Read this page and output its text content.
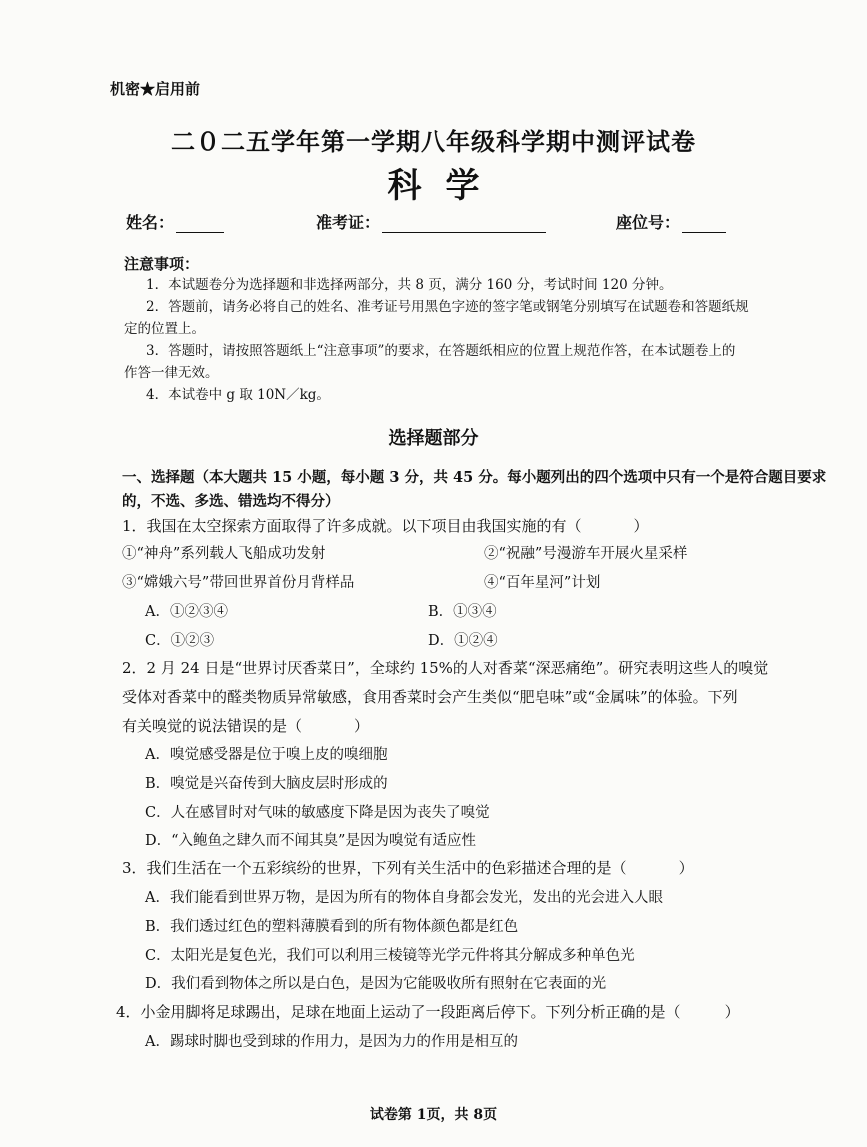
机密★启用前
二０二五学年第一学期八年级科学期中测评试卷
科学
姓名：	准考证：	座位号：
注意事项：
1．本试题卷分为选择题和非选择两部分，共 8 页，满分 160 分，考试时间 120 分钟。
2．答题前，请务必将自己的姓名、准考证号用黑色字迹的签字笔或钢笔分别填写在试题卷和答题纸规
定的位置上。
3．答题时，请按照答题纸上“注意事项”的要求，在答题纸相应的位置上规范作答，在本试题卷上的
作答一律无效。
4．本试卷中 g 取 10N／kg。
选择题部分
一、选择题（本大题共 15 小题，每小题 3 分，共 45 分。每小题列出的四个选项中只有一个是符合题目要求
的，不选、多选、错选均不得分）
1．我国在太空探索方面取得了许多成就。以下项目由我国实施的有（	）
①“神舟”系列载人飞船成功发射	②“祝融”号漫游车开展火星采样
③“嫦娥六号”带回世界首份月背样品	④“百年星河”计划
A．①②③④	B．①③④
C．①②③	D．①②④
2．2 月 24 日是“世界讨厌香菜日”，全球约 15%的人对香菜“深恶痛绝”。研究表明这些人的嗅觉
受体对香菜中的醛类物质异常敏感，食用香菜时会产生类似“肥皂味”或“金属味”的体验。下列
有关嗅觉的说法错误的是（	）
A．嗅觉感受器是位于嗅上皮的嗅细胞
B．嗅觉是兴奋传到大脑皮层时形成的
C．人在感冒时对气味的敏感度下降是因为丧失了嗅觉
D．“入鲍鱼之肆久而不闻其臭”是因为嗅觉有适应性
3．我们生活在一个五彩缤纷的世界，下列有关生活中的色彩描述合理的是（	）
A．我们能看到世界万物，是因为所有的物体自身都会发光，发出的光会进入人眼
B．我们透过红色的塑料薄膜看到的所有物体颜色都是红色
C．太阳光是复色光，我们可以利用三棱镜等光学元件将其分解成多种单色光
D．我们看到物体之所以是白色，是因为它能吸收所有照射在它表面的光
4．小金用脚将足球踢出，足球在地面上运动了一段距离后停下。下列分析正确的是（	）
A．踢球时脚也受到球的作用力，是因为力的作用是相互的
试卷第 1页，共 8页
